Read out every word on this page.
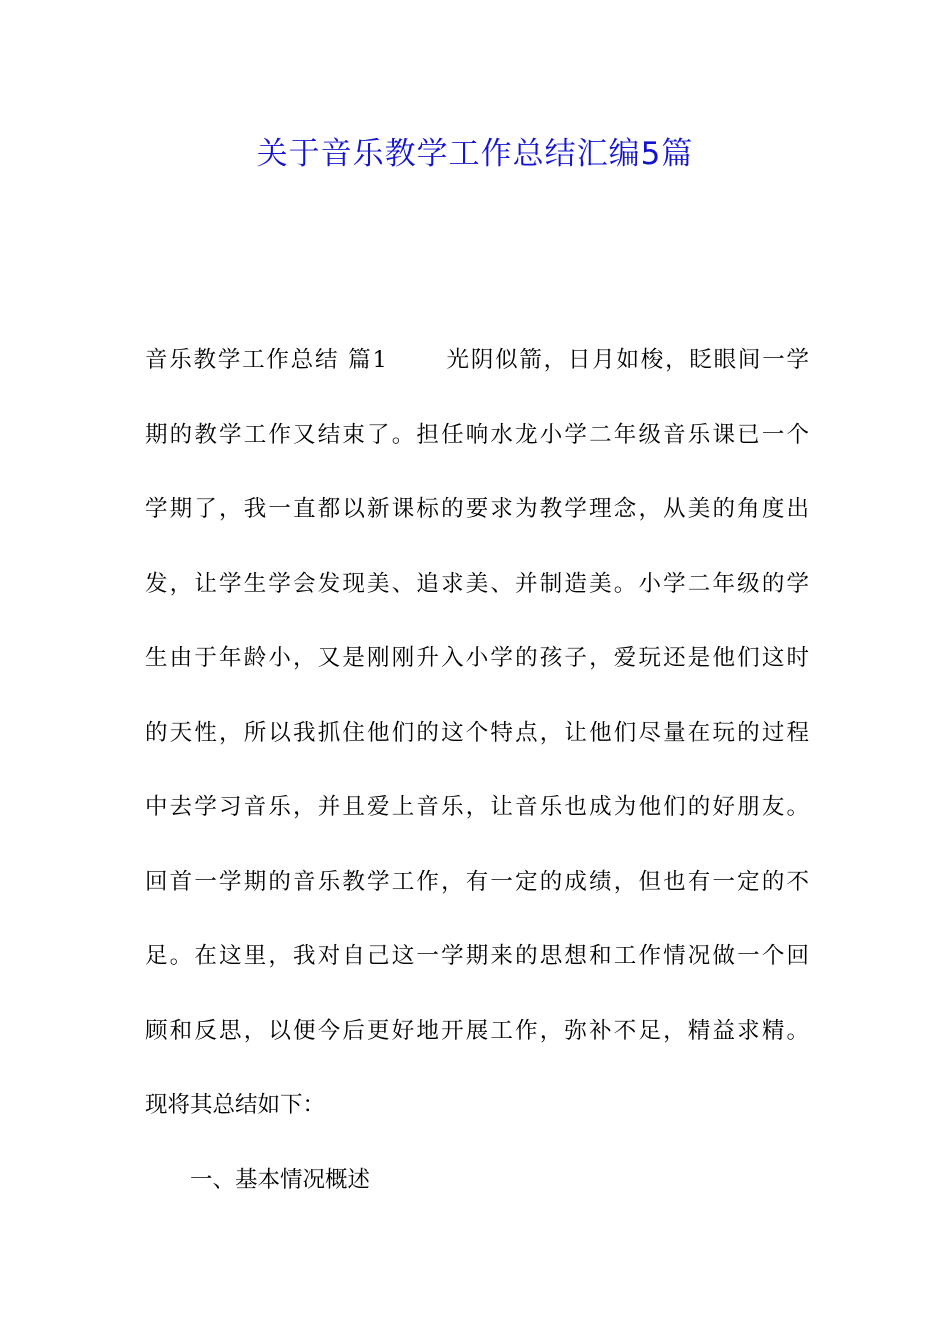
关于音乐教学工作总结汇编5篇
音乐教学工作总结 篇1	光阴似箭，日月如梭，眨眼间一学
期的教学工作又结束了。担任响水龙小学二年级音乐课已一个
学期了，我一直都以新课标的要求为教学理念，从美的角度出
发，让学生学会发现美、追求美、并制造美。小学二年级的学
生由于年龄小，又是刚刚升入小学的孩子，爱玩还是他们这时
的天性，所以我抓住他们的这个特点，让他们尽量在玩的过程
中去学习音乐，并且爱上音乐，让音乐也成为他们的好朋友。
回首一学期的音乐教学工作，有一定的成绩，但也有一定的不
足。在这里，我对自己这一学期来的思想和工作情况做一个回
顾和反思，以便今后更好地开展工作，弥补不足，精益求精。
现将其总结如下：
一、基本情况概述
